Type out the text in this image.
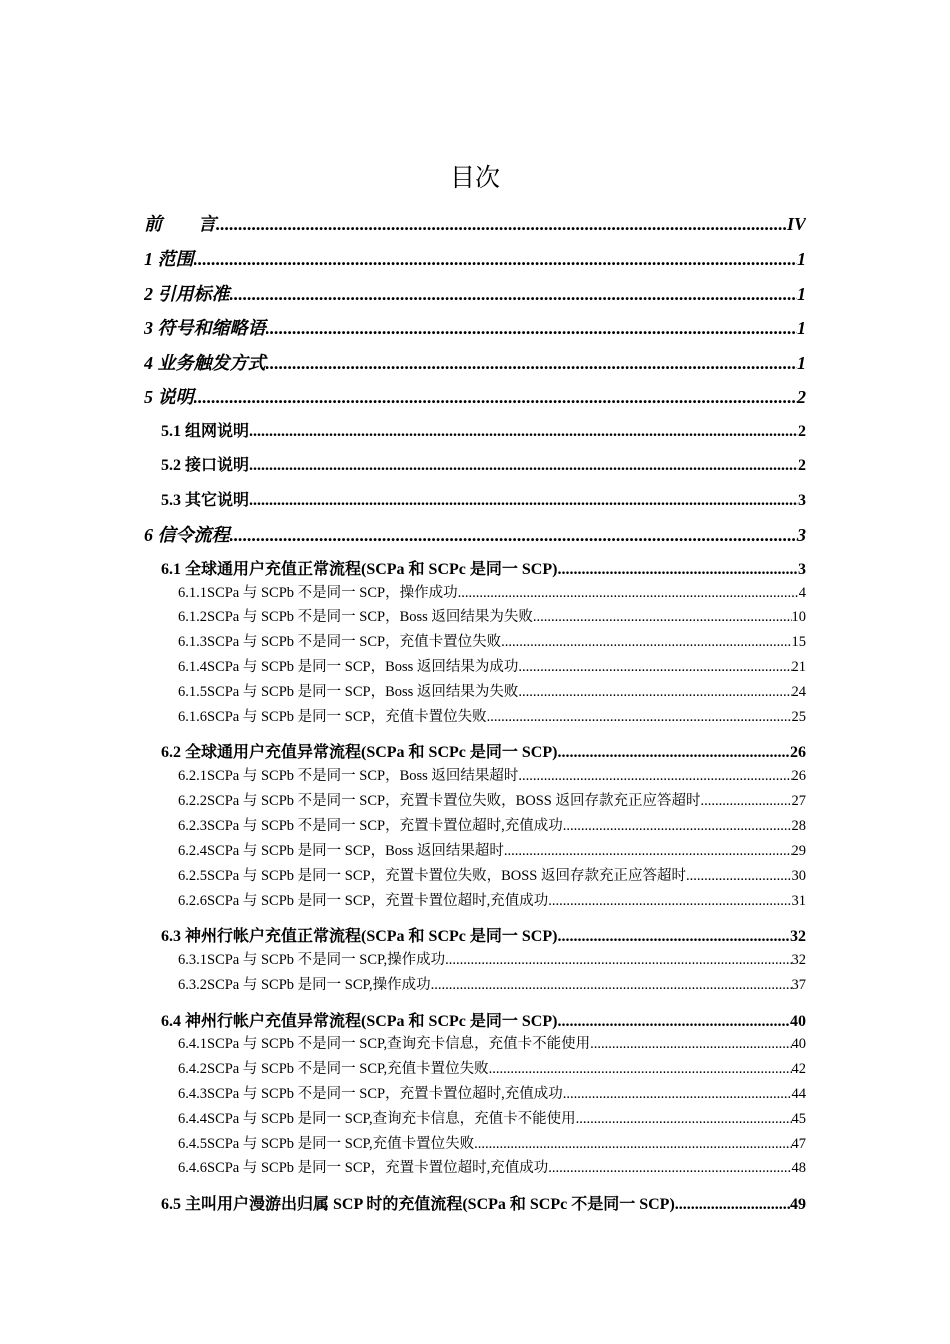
目次
前　　言 .....	IV
1 范围 .....	1
2 引用标准 .....	1
3 符号和缩略语 .....	1
4 业务触发方式 .....	1
5 说明 .....	2
5.1 组网说明 .....	2
5.2 接口说明 .....	2
5.3 其它说明 .....	3
6 信令流程 .....	3
6.1 全球通用户充值正常流程(SCPa 和 SCPc 是同一 SCP) .....	3
6.1.1SCPa 与 SCPb 不是同一 SCP，操作成功 .....	4
6.1.2SCPa 与 SCPb 不是同一 SCP，Boss 返回结果为失败 .....	10
6.1.3SCPa 与 SCPb 不是同一 SCP，充值卡置位失败 .....	15
6.1.4SCPa 与 SCPb 是同一 SCP，Boss 返回结果为成功 .....	21
6.1.5SCPa 与 SCPb 是同一 SCP，Boss 返回结果为失败 .....	24
6.1.6SCPa 与 SCPb 是同一 SCP，充值卡置位失败 .....	25
6.2 全球通用户充值异常流程(SCPa 和 SCPc 是同一 SCP) .....	26
6.2.1SCPa 与 SCPb 不是同一 SCP，Boss 返回结果超时 .....	26
6.2.2SCPa 与 SCPb 不是同一 SCP，充置卡置位失败，BOSS 返回存款充正应答超时 .....	27
6.2.3SCPa 与 SCPb 不是同一 SCP，充置卡置位超时,充值成功 .....	28
6.2.4SCPa 与 SCPb 是同一 SCP，Boss 返回结果超时 .....	29
6.2.5SCPa 与 SCPb 是同一 SCP，充置卡置位失败，BOSS 返回存款充正应答超时 .....	30
6.2.6SCPa 与 SCPb 是同一 SCP，充置卡置位超时,充值成功 .....	31
6.3 神州行帐户充值正常流程(SCPa 和 SCPc 是同一 SCP) .....	32
6.3.1SCPa 与 SCPb 不是同一 SCP,操作成功 .....	32
6.3.2SCPa 与 SCPb 是同一 SCP,操作成功 .....	37
6.4 神州行帐户充值异常流程(SCPa 和 SCPc 是同一 SCP) .....	40
6.4.1SCPa 与 SCPb 不是同一 SCP,查询充卡信息，充值卡不能使用 .....	40
6.4.2SCPa 与 SCPb 不是同一 SCP,充值卡置位失败 .....	42
6.4.3SCPa 与 SCPb 不是同一 SCP，充置卡置位超时,充值成功 .....	44
6.4.4SCPa 与 SCPb 是同一 SCP,查询充卡信息，充值卡不能使用 .....	45
6.4.5SCPa 与 SCPb 是同一 SCP,充值卡置位失败 .....	47
6.4.6SCPa 与 SCPb 是同一 SCP，充置卡置位超时,充值成功 .....	48
6.5 主叫用户漫游出归属 SCP 时的充值流程(SCPa 和 SCPc 不是同一 SCP) .....	49
